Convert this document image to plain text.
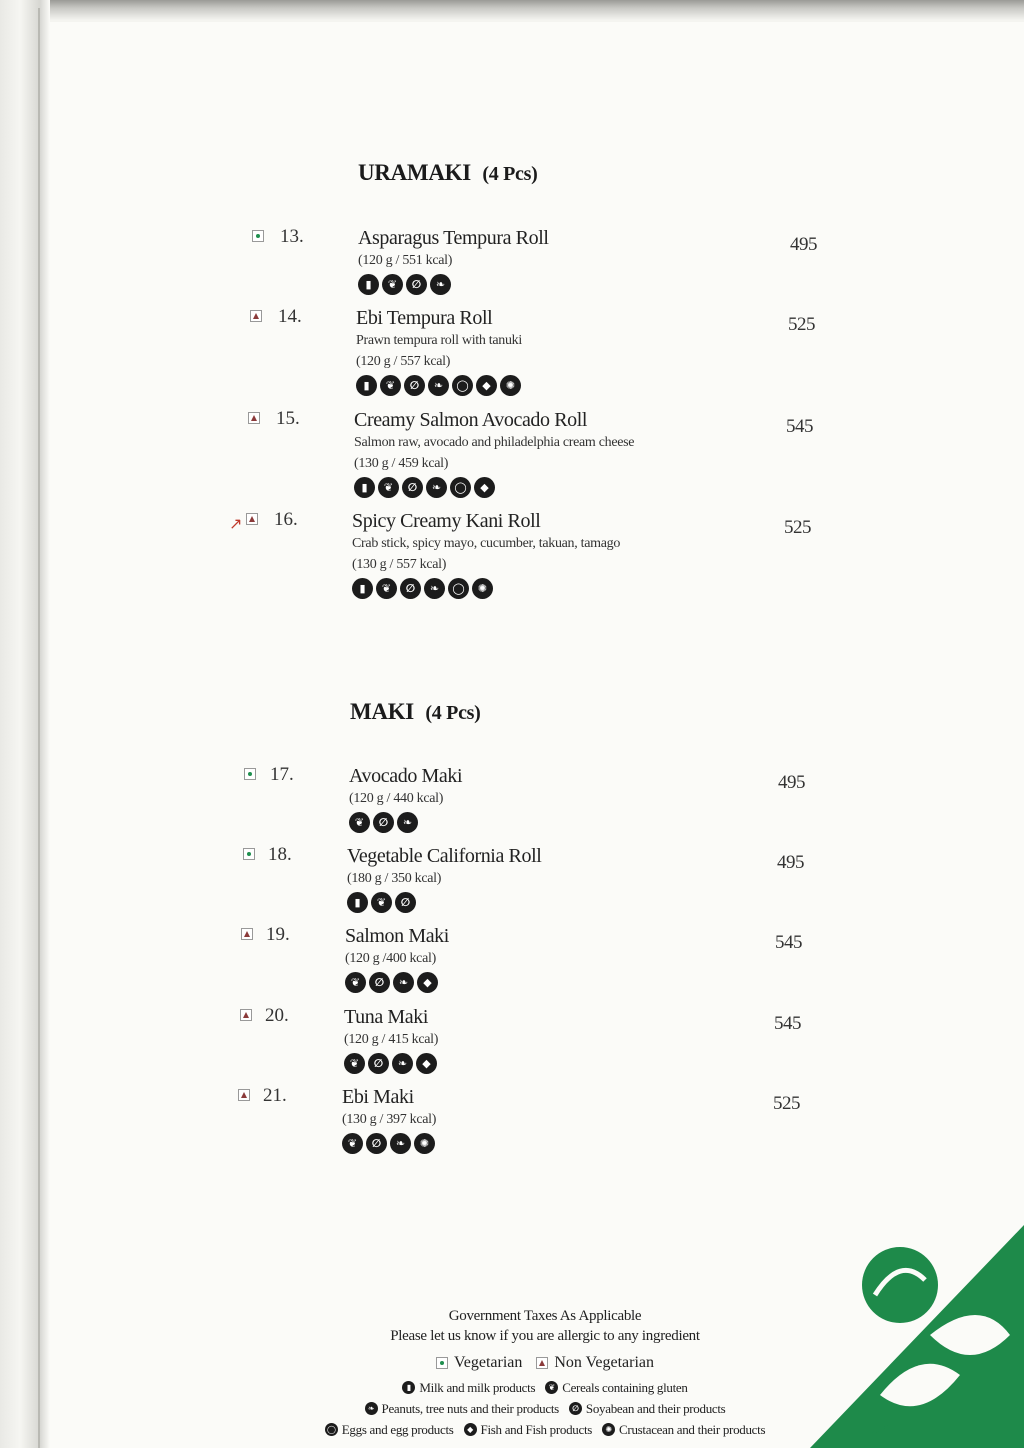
URAMAKI (4 Pcs)
13.	Asparagus Tempura Roll
(120 g / 551 kcal)
▮	❦	∅	❧
495
14.	Ebi Tempura Roll
Prawn tempura roll with tanuki
(120 g / 557 kcal)
▮	❦	∅	❧	◯	◆	✺
525
15.	Creamy Salmon Avocado Roll
Salmon raw, avocado and philadelphia cream cheese
(130 g / 459 kcal)
▮	❦	∅	❧	◯	◆
545
↗ 16.	Spicy Creamy Kani Roll
Crab stick, spicy mayo, cucumber, takuan, tamago
(130 g / 557 kcal)
▮	❦	∅	❧	◯	✺
525
MAKI (4 Pcs)
17.	Avocado Maki
(120 g / 440 kcal)
❦	∅	❧
495
18.	Vegetable California Roll
(180 g / 350 kcal)
▮	❦	∅
495
19.	Salmon Maki
(120 g /400 kcal)
❦	∅	❧	◆
545
20.	Tuna Maki
(120 g / 415 kcal)
❦	∅	❧	◆
545
21.	Ebi Maki
(130 g / 397 kcal)
❦	∅	❧	✺
525
Government Taxes As Applicable
Please let us know if you are allergic to any ingredient
Vegetarian Non Vegetarian
▮ Milk and milk products	❦ Cereals containing gluten
❧ Peanuts, tree nuts and their products	∅ Soyabean and their products
◯ Eggs and egg products	◆ Fish and Fish products	✺ Crustacean and their products
